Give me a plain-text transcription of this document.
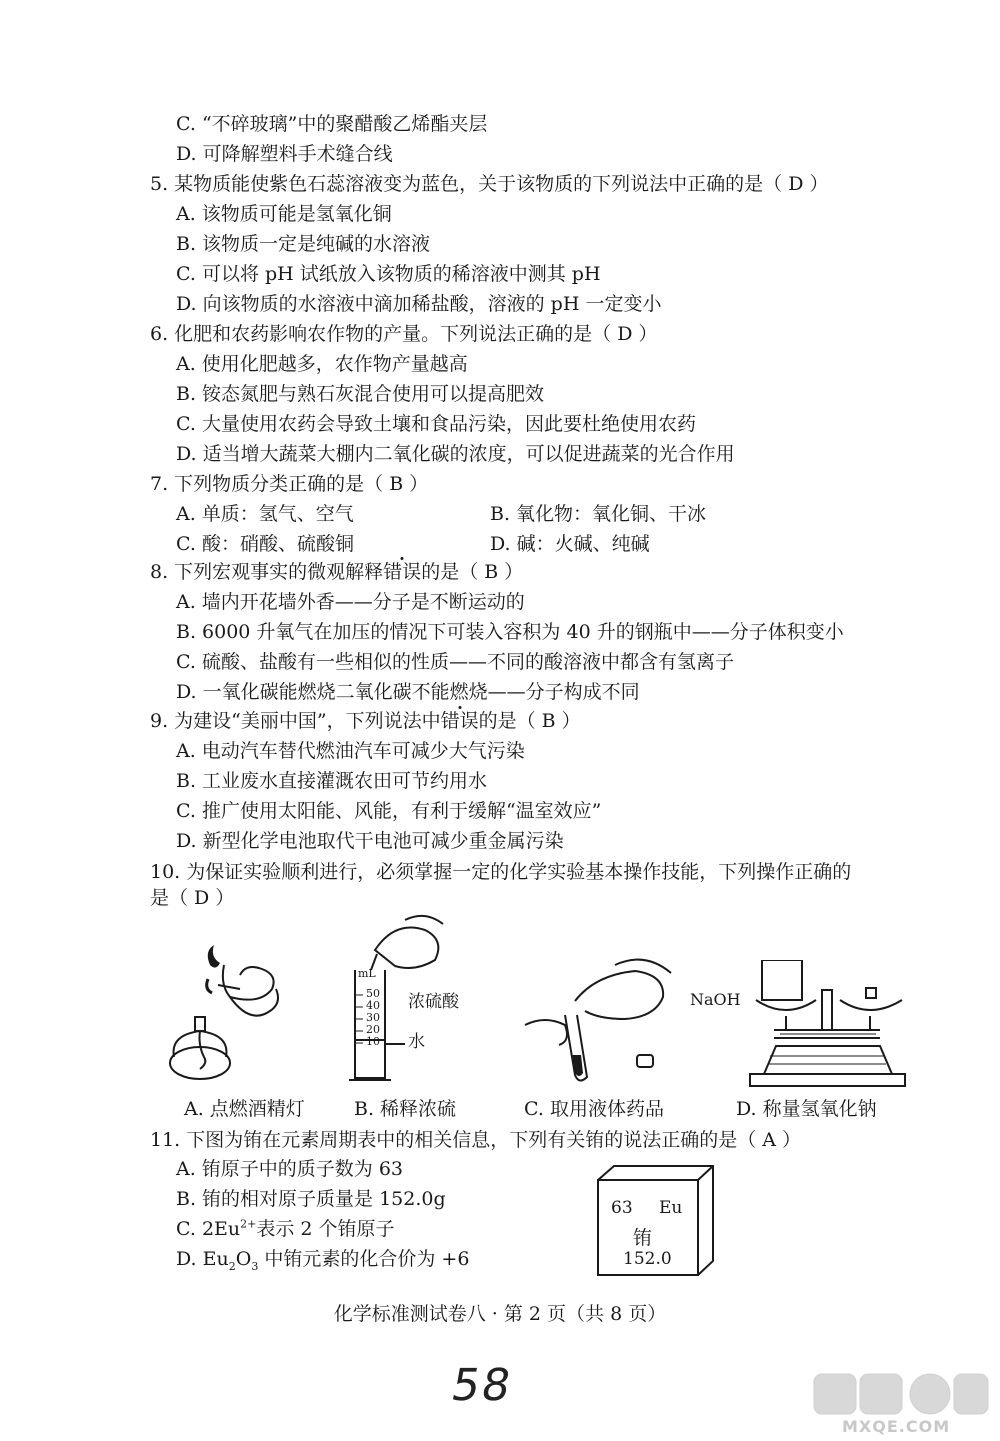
C. “不碎玻璃”中的聚醋酸乙烯酯夹层
D. 可降解塑料手术缝合线
5. 某物质能使紫色石蕊溶液变为蓝色，关于该物质的下列说法中正确的是（ D ）
A. 该物质可能是氢氧化铜
B. 该物质一定是纯碱的水溶液
C. 可以将 pH 试纸放入该物质的稀溶液中测其 pH
D. 向该物质的水溶液中滴加稀盐酸，溶液的 pH 一定变小
6. 化肥和农药影响农作物的产量。下列说法正确的是（ D ）
A. 使用化肥越多，农作物产量越高
B. 铵态氮肥与熟石灰混合使用可以提高肥效
C. 大量使用农药会导致土壤和食品污染，因此要杜绝使用农药
D. 适当增大蔬菜大棚内二氧化碳的浓度，可以促进蔬菜的光合作用
7. 下列物质分类正确的是（ B ）
A. 单质：氢气、空气	B. 氧化物：氧化铜、干冰
C. 酸：硝酸、硫酸铜	D. 碱：火碱、纯碱
8. 下列宏观事实的微观解释错误的是（ B ）
A. 墙内开花墙外香——分子是不断运动的
B. 6000 升氧气在加压的情况下可装入容积为 40 升的钢瓶中——分子体积变小
C. 硫酸、盐酸有一些相似的性质——不同的酸溶液中都含有氢离子
D. 一氧化碳能燃烧二氧化碳不能燃烧——分子构成不同
9. 为建设“美丽中国”，下列说法中错误的是（ B ）
A. 电动汽车替代燃油汽车可减少大气污染
B. 工业废水直接灌溉农田可节约用水
C. 推广使用太阳能、风能，有利于缓解“温室效应”
D. 新型化学电池取代干电池可减少重金属污染
10. 为保证实验顺利进行，必须掌握一定的化学实验基本操作技能，下列操作正确的
是（ D ）
mL
50
40
30
20
10
浓硫酸
水
NaOH
A. 点燃酒精灯	B. 稀释浓硫	C. 取用液体药品	D. 称量氢氧化钠
11. 下图为铕在元素周期表中的相关信息，下列有关铕的说法正确的是（ A ）
A. 铕原子中的质子数为 63
B. 铕的相对原子质量是 152.0g
C. $2Eu^{2+}$表示 2 个铕原子
D. $Eu_2O_3$ 中铕元素的化合价为 +6
63 Eu
铕
152.0
化学标准测试卷八 · 第 2 页（共 8 页）
58
MXQE.COM
